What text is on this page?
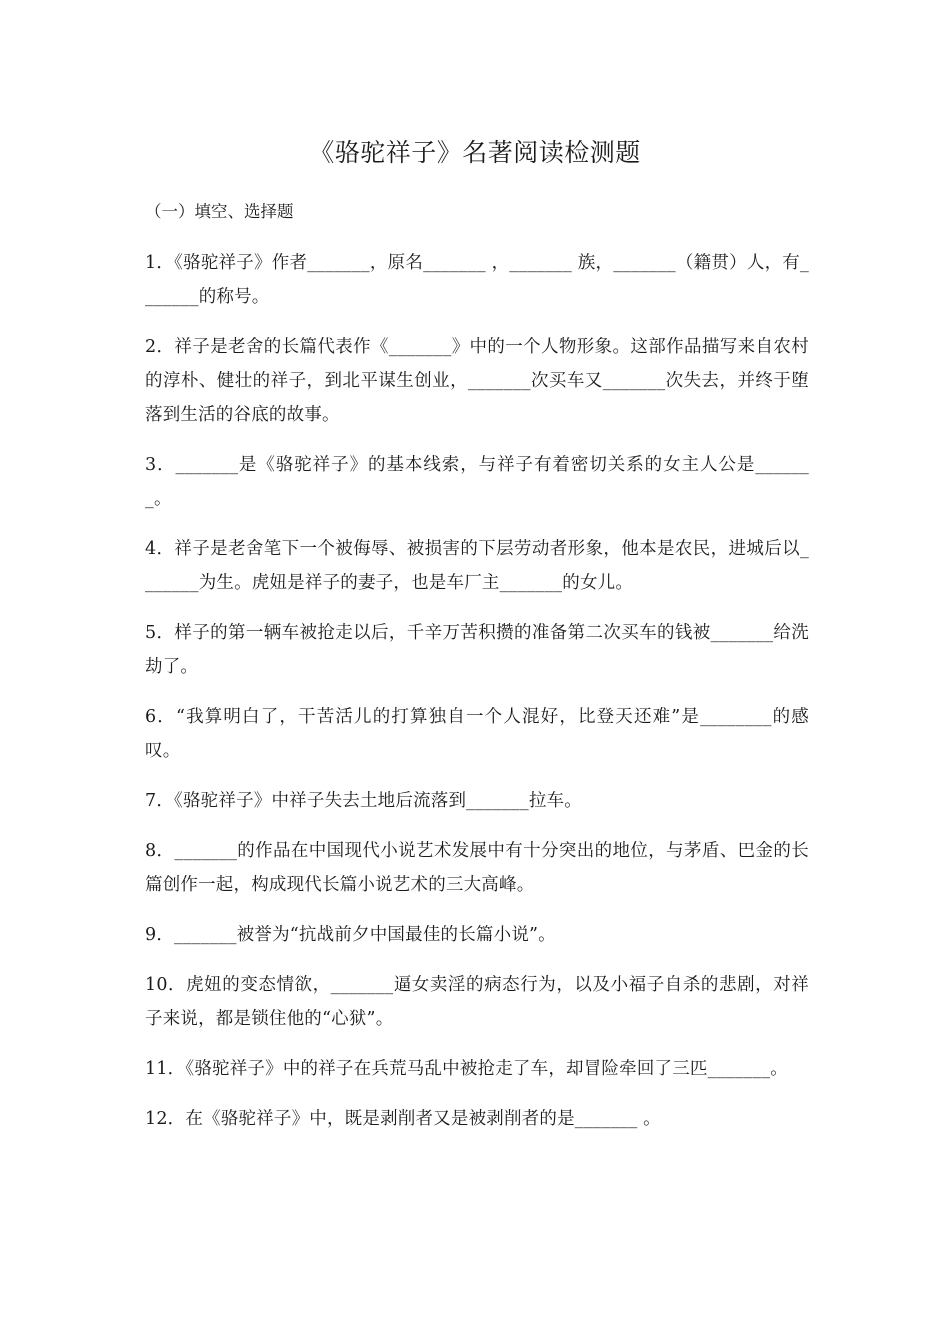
《骆驼祥子》名著阅读检测题
（一）填空、选择题
1．《骆驼祥子》作者_______，原名_______ ，_______ 族，_______（籍贯）人，有_______的称号。
2．祥子是老舍的长篇代表作《_______》中的一个人物形象。这部作品描写来自农村的淳朴、健壮的祥子，到北平谋生创业，_______次买车又_______次失去，并终于堕落到生活的谷底的故事。
3．_______是《骆驼祥子》的基本线索，与祥子有着密切关系的女主人公是_______。
4．祥子是老舍笔下一个被侮辱、被损害的下层劳动者形象，他本是农民，进城后以_______为生。虎妞是祥子的妻子，也是车厂主_______的女儿。
5．样子的第一辆车被抢走以后，千辛万苦积攒的准备第二次买车的钱被_______给洗劫了。
6．“我算明白了，干苦活儿的打算独自一个人混好，比登天还难”是________的感叹。
7．《骆驼祥子》中祥子失去土地后流落到_______拉车。
8．_______的作品在中国现代小说艺术发展中有十分突出的地位，与茅盾、巴金的长篇创作一起，构成现代长篇小说艺术的三大高峰。
9．_______被誉为“抗战前夕中国最佳的长篇小说”。
10．虎妞的变态情欲，_______逼女卖淫的病态行为，以及小福子自杀的悲剧，对祥子来说，都是锁住他的“心狱”。
11．《骆驼祥子》中的祥子在兵荒马乱中被抢走了车，却冒险牵回了三匹_______。
12．在《骆驼祥子》中，既是剥削者又是被剥削者的是_______ 。
